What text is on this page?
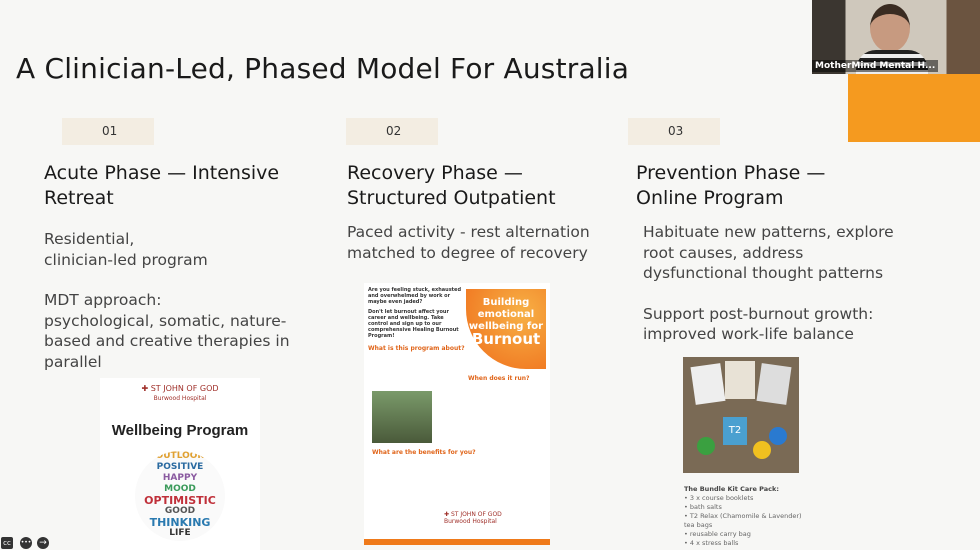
A Clinician-Led, Phased Model For Australia
01	02	03
Acute Phase — Intensive
Retreat
Recovery Phase —
Structured Outpatient
Prevention Phase —
Online Program
Residential,
clinician-led program
MDT approach:
psychological, somatic, nature-
based and creative therapies in
parallel
Paced activity - rest alternation
matched to degree of recovery
Habituate new patterns, explore
root causes, address
dysfunctional thought patterns
Support post-burnout growth:
improved work-life balance
✚ ST JOHN OF GOD
Burwood Hospital
Wellbeing Program
OUTLOOK
POSITIVE
HAPPY
MOOD
OPTIMISTIC
GOOD
THINKING
LIFE
Are you feeling stuck, exhausted and overwhelmed by work or maybe even jaded?
Don't let burnout affect your career and wellbeing. Take control and sign up to our comprehensive Healing Burnout Program!
What is this program about?
Building emotional wellbeing for
Burnout
When does it run?
What are the benefits for you?
✚ ST JOHN OF GOD
Burwood Hospital
T2
The Bundle Kit Care Pack:
• 3 x course booklets
• bath salts
• T2 Relax (Chamomile & Lavender) tea bags
• reusable carry bag
• 4 x stress balls
MotherMind Mental H...
cc	••• →
